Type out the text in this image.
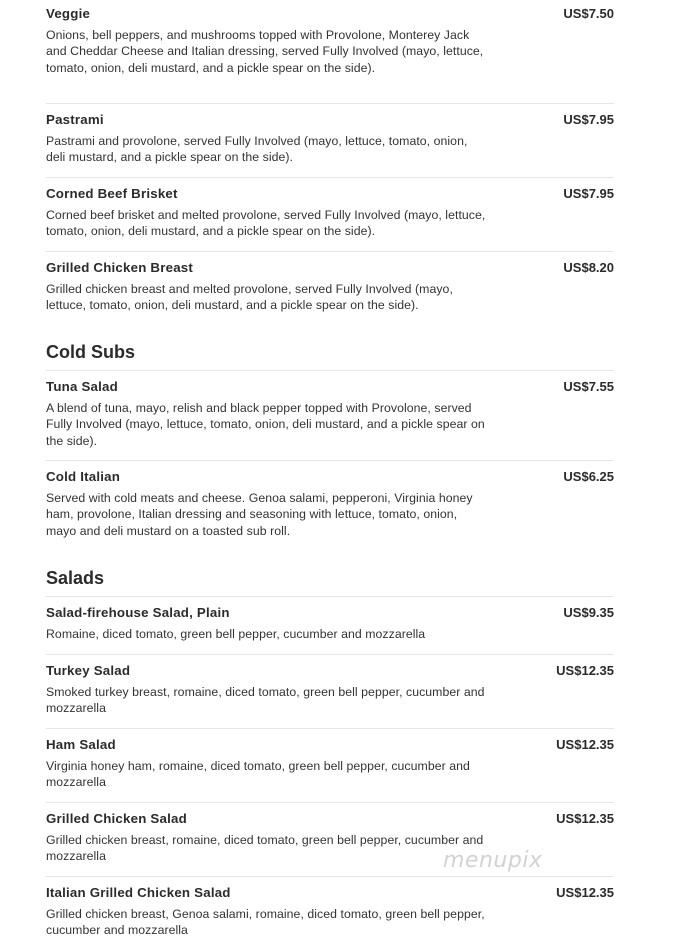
Veggie	US$7.50
Onions, bell peppers, and mushrooms topped with Provolone, Monterey Jack and Cheddar Cheese and Italian dressing, served Fully Involved (mayo, lettuce, tomato, onion, deli mustard, and a pickle spear on the side).
Pastrami	US$7.95
Pastrami and provolone, served Fully Involved (mayo, lettuce, tomato, onion, deli mustard, and a pickle spear on the side).
Corned Beef Brisket	US$7.95
Corned beef brisket and melted provolone, served Fully Involved (mayo, lettuce, tomato, onion, deli mustard, and a pickle spear on the side).
Grilled Chicken Breast	US$8.20
Grilled chicken breast and melted provolone, served Fully Involved (mayo, lettuce, tomato, onion, deli mustard, and a pickle spear on the side).
Cold Subs
Tuna Salad	US$7.55
A blend of tuna, mayo, relish and black pepper topped with Provolone, served Fully Involved (mayo, lettuce, tomato, onion, deli mustard, and a pickle spear on the side).
Cold Italian	US$6.25
Served with cold meats and cheese. Genoa salami, pepperoni, Virginia honey ham, provolone, Italian dressing and seasoning with lettuce, tomato, onion, mayo and deli mustard on a toasted sub roll.
Salads
Salad-firehouse Salad, Plain	US$9.35
Romaine, diced tomato, green bell pepper, cucumber and mozzarella
Turkey Salad	US$12.35
Smoked turkey breast, romaine, diced tomato, green bell pepper, cucumber and mozzarella
Ham Salad	US$12.35
Virginia honey ham, romaine, diced tomato, green bell pepper, cucumber and mozzarella
Grilled Chicken Salad	US$12.35
Grilled chicken breast, romaine, diced tomato, green bell pepper, cucumber and mozzarella
Italian Grilled Chicken Salad	US$12.35
Grilled chicken breast, Genoa salami, romaine, diced tomato, green bell pepper, cucumber and mozzarella
menupix
